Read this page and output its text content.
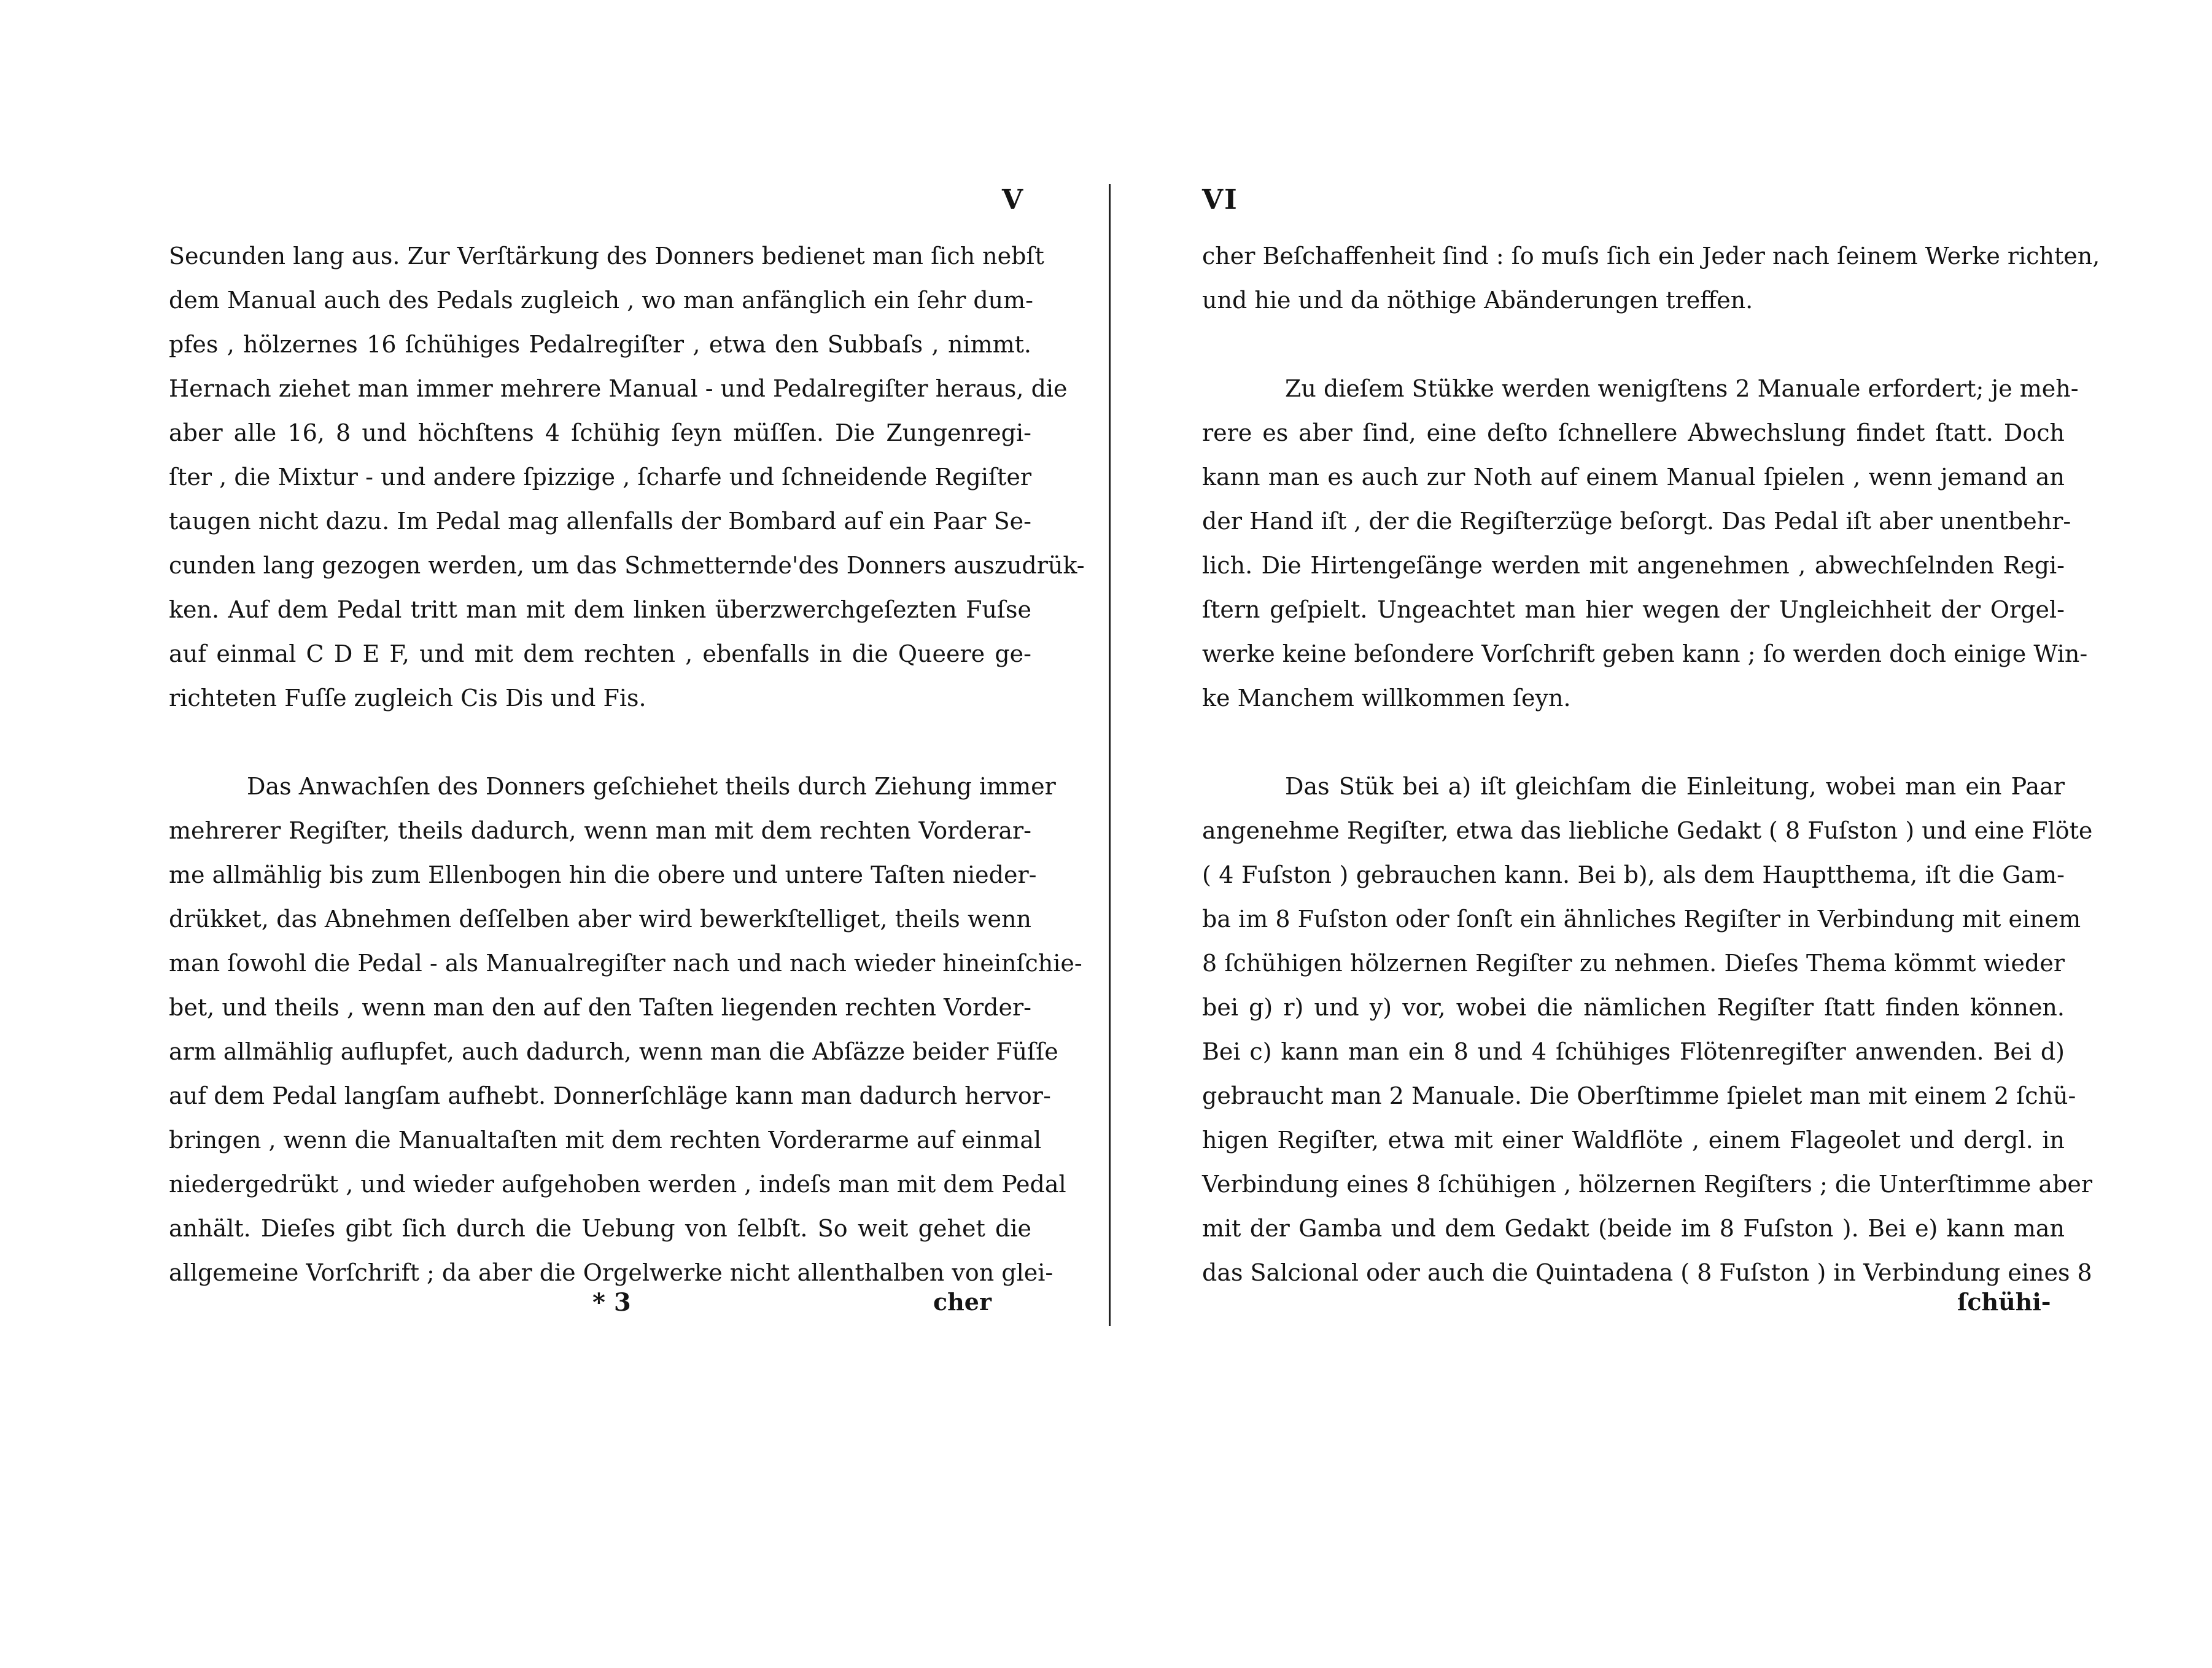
V
Secunden lang aus. Zur Verſtärkung des Donners bedienet man ſich nebſt
dem Manual auch des Pedals zugleich , wo man anfänglich ein ſehr dum-
pfes , hölzernes 16 ſchühiges Pedalregiſter , etwa den Subbaſs , nimmt.
Hernach ziehet man immer mehrere Manual - und Pedalregiſter heraus, die
aber alle 16, 8 und höchſtens 4 ſchühig ſeyn müſſen. Die Zungenregi-
ſter , die Mixtur - und andere ſpizzige , ſcharfe und ſchneidende Regiſter
taugen nicht dazu. Im Pedal mag allenfalls der Bombard auf ein Paar Se-
cunden lang gezogen werden, um das Schmetternde'des Donners auszudrük-
ken. Auf dem Pedal tritt man mit dem linken überzwerchgeſezten Fuſse
auf einmal C D E F, und mit dem rechten , ebenfalls in die Queere ge-
richteten Fuſſe zugleich Cis Dis und Fis.
Das Anwachſen des Donners geſchiehet theils durch Ziehung immer
mehrerer Regiſter, theils dadurch, wenn man mit dem rechten Vorderar-
me allmählig bis zum Ellenbogen hin die obere und untere Taſten nieder-
drükket, das Abnehmen deſſelben aber wird bewerkſtelliget, theils wenn
man ſowohl die Pedal - als Manualregiſter nach und nach wieder hineinſchie-
bet, und theils , wenn man den auf den Taſten liegenden rechten Vorder-
arm allmählig auflupfet, auch dadurch, wenn man die Abſäzze beider Füſſe
auf dem Pedal langſam aufhebt. Donnerſchläge kann man dadurch hervor-
bringen , wenn die Manualtaſten mit dem rechten Vorderarme auf einmal
niedergedrükt , und wieder aufgehoben werden , indeſs man mit dem Pedal
anhält. Dieſes gibt ſich durch die Uebung von ſelbſt. So weit gehet die
allgemeine Vorſchrift ; da aber die Orgelwerke nicht allenthalben von glei-
* 3	cher
VI
cher Beſchaffenheit ſind : ſo muſs ſich ein Jeder nach ſeinem Werke richten,
und hie und da nöthige Abänderungen treffen.
Zu dieſem Stükke werden wenigſtens 2 Manuale erfordert; je meh-
rere es aber ſind, eine deſto ſchnellere Abwechslung findet ſtatt. Doch
kann man es auch zur Noth auf einem Manual ſpielen , wenn jemand an
der Hand iſt , der die Regiſterzüge beſorgt. Das Pedal iſt aber unentbehr-
lich. Die Hirtengeſänge werden mit angenehmen , abwechſelnden Regi-
ſtern geſpielt. Ungeachtet man hier wegen der Ungleichheit der Orgel-
werke keine beſondere Vorſchrift geben kann ; ſo werden doch einige Win-
ke Manchem willkommen ſeyn.
Das Stük bei a) iſt gleichſam die Einleitung, wobei man ein Paar
angenehme Regiſter, etwa das liebliche Gedakt ( 8 Fuſston ) und eine Flöte
( 4 Fuſston ) gebrauchen kann. Bei b), als dem Hauptthema, iſt die Gam-
ba im 8 Fuſston oder ſonſt ein ähnliches Regiſter in Verbindung mit einem
8 ſchühigen hölzernen Regiſter zu nehmen. Dieſes Thema kömmt wieder
bei g) r) und y) vor, wobei die nämlichen Regiſter ſtatt finden können.
Bei c) kann man ein 8 und 4 ſchühiges Flötenregiſter anwenden. Bei d)
gebraucht man 2 Manuale. Die Oberſtimme ſpielet man mit einem 2 ſchü-
higen Regiſter, etwa mit einer Waldflöte , einem Flageolet und dergl. in
Verbindung eines 8 ſchühigen , hölzernen Regiſters ; die Unterſtimme aber
mit der Gamba und dem Gedakt (beide im 8 Fuſston ). Bei e) kann man
das Salcional oder auch die Quintadena ( 8 Fuſston ) in Verbindung eines 8
ſchühi-
